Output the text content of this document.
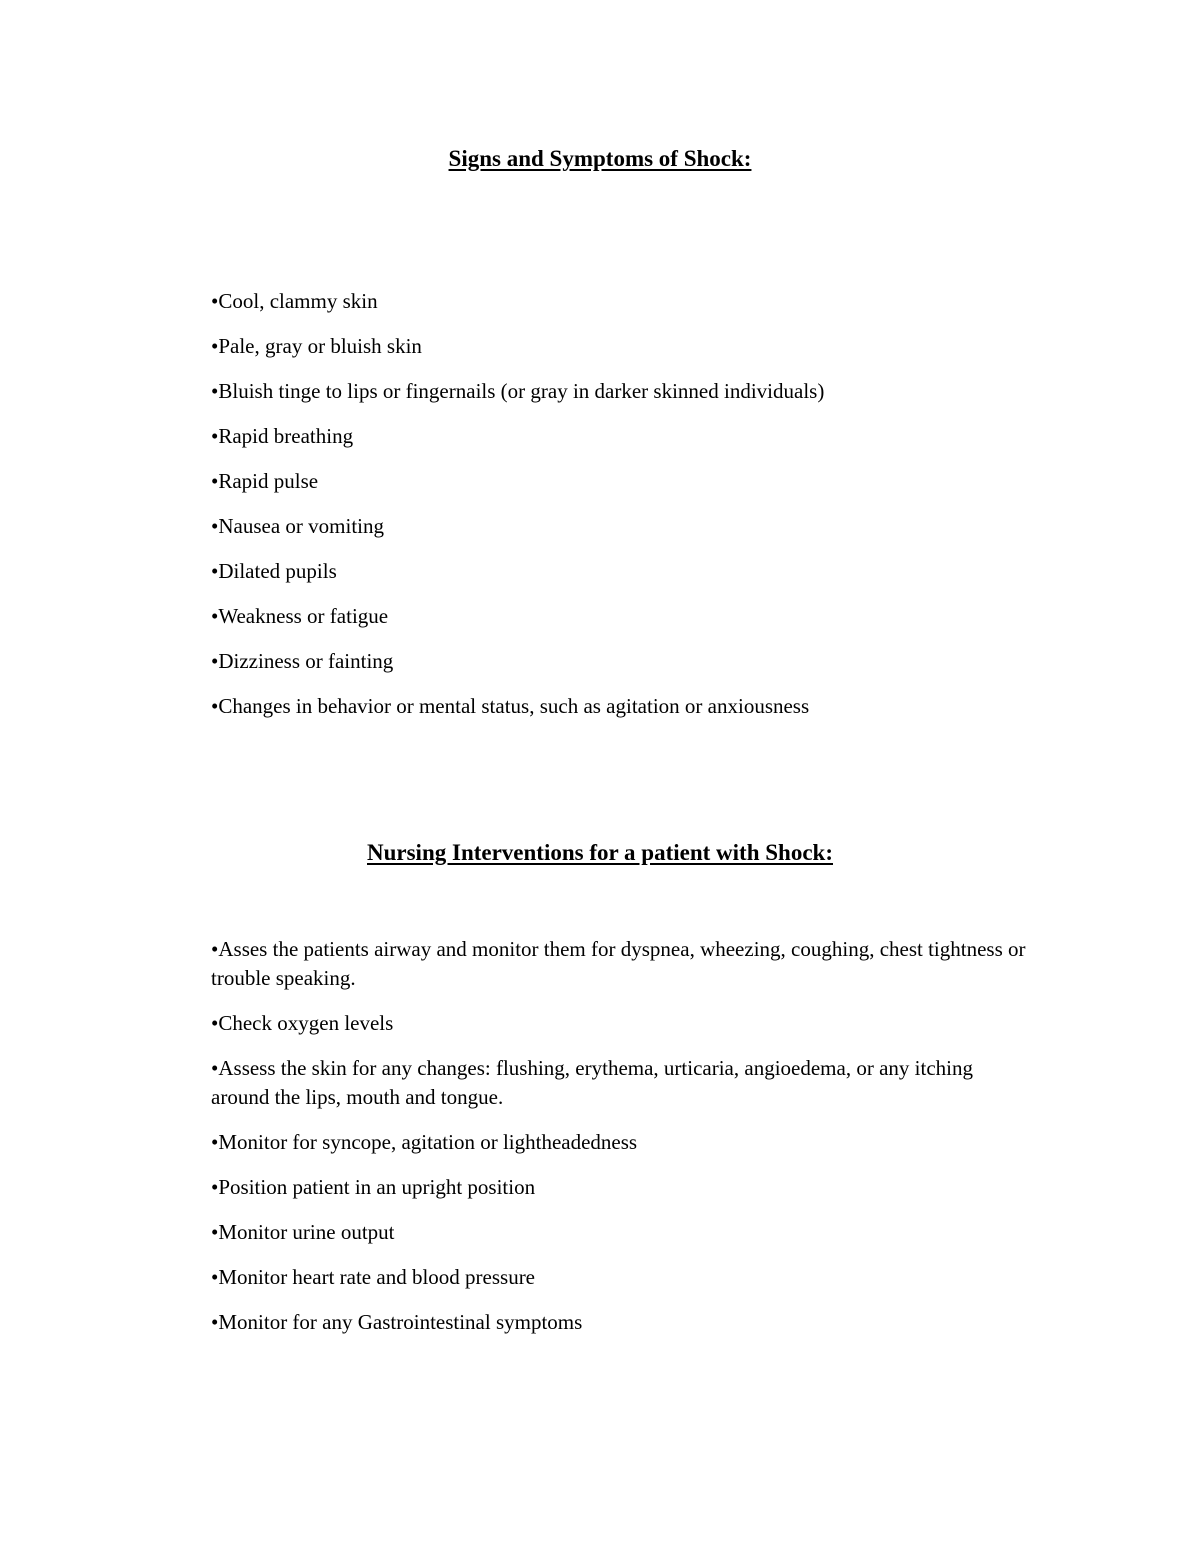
Signs and Symptoms of Shock:
•Cool, clammy skin
•Pale, gray or bluish skin
•Bluish tinge to lips or fingernails (or gray in darker skinned individuals)
•Rapid breathing
•Rapid pulse
•Nausea or vomiting
•Dilated pupils
•Weakness or fatigue
•Dizziness or fainting
•Changes in behavior or mental status, such as agitation or anxiousness
Nursing Interventions for a patient with Shock:
•Asses the patients airway and monitor them for dyspnea, wheezing, coughing, chest tightness or trouble speaking.
•Check oxygen levels
•Assess the skin for any changes: flushing, erythema, urticaria, angioedema, or any itching around the lips, mouth and tongue.
•Monitor for syncope, agitation or lightheadedness
•Position patient in an upright position
•Monitor urine output
•Monitor heart rate and blood pressure
•Monitor for any Gastrointestinal symptoms
